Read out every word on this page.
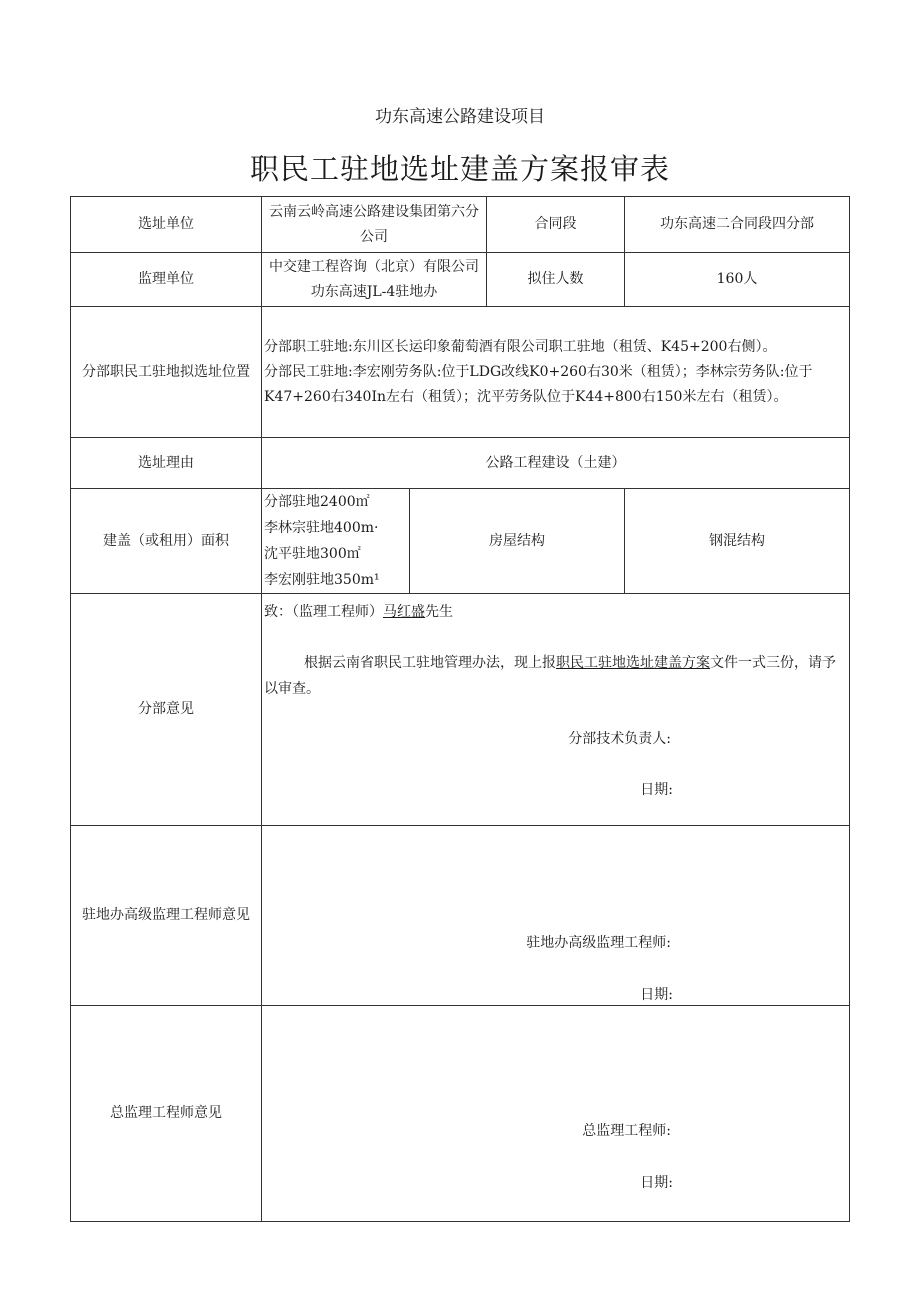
功东高速公路建设项目
职民工驻地选址建盖方案报审表
选址单位	云南云岭高速公路建设集团第六分公司		合同段	功东高速二合同段四分部
监理单位	中交建工程咨询（北京）有限公司功东高速JL-4驻地办		拟住人数	160人
分部职民工驻地拟选址位置	分部职工驻地:东川区长运印象葡萄酒有限公司职工驻地（租赁、K45+200右侧）。
分部民工驻地:李宏刚劳务队:位于LDG改线K0+260右30米（租赁）；李林宗劳务队:位于K47+260右340In左右（租赁）；沈平劳务队位于K44+800右150米左右（租赁）。			

选址理由	公路工程建设（土建）			
建盖（或租用）面积	分部驻地2400㎡
李林宗驻地400m·
沈平驻地300㎡
李宏刚驻地350m¹	房屋结构		钢混结构
分部意见	致：（监理工程师）马红盛先生
根据云南省职民工驻地管理办法，现上报职民工驻地选址建盖方案文件一式三份，请予以审查。
分部技术负责人:
日期:			

驻地办高级监理工程师意见	驻地办高级监理工程师:
日期:			

总监理工程师意见	总监理工程师:
日期:			
